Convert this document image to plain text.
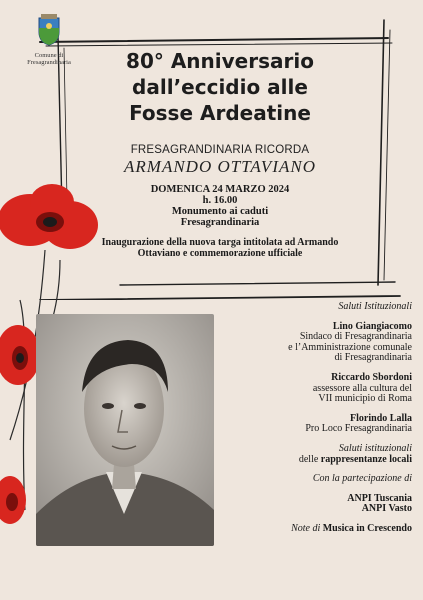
Comune di Fresagrandinaria	80° Anniversario
dall’eccidio alle
Fosse Ardeatine
FRESAGRANDINARIA RICORDA
ARMANDO OTTAVIANO
DOMENICA 24 MARZO 2024
h. 16.00
Monumento ai caduti
Fresagrandinaria
Inaugurazione della nuova targa intitolata ad Armando Ottaviano e commemorazione ufficiale
Saluti Istituzionali
Lino Giangiacomo
Sindaco di Fresagrandinaria
e l’Amministrazione comunale
di Fresagrandinaria
Riccardo Sbordoni
assessore alla cultura del
VII municipio di Roma
Florindo Lalla
Pro Loco Fresagrandinaria
Saluti istituzionali
delle rappresentanze locali
Con la partecipazione di
ANPI Tuscania
ANPI Vasto
Note di Musica in Crescendo
